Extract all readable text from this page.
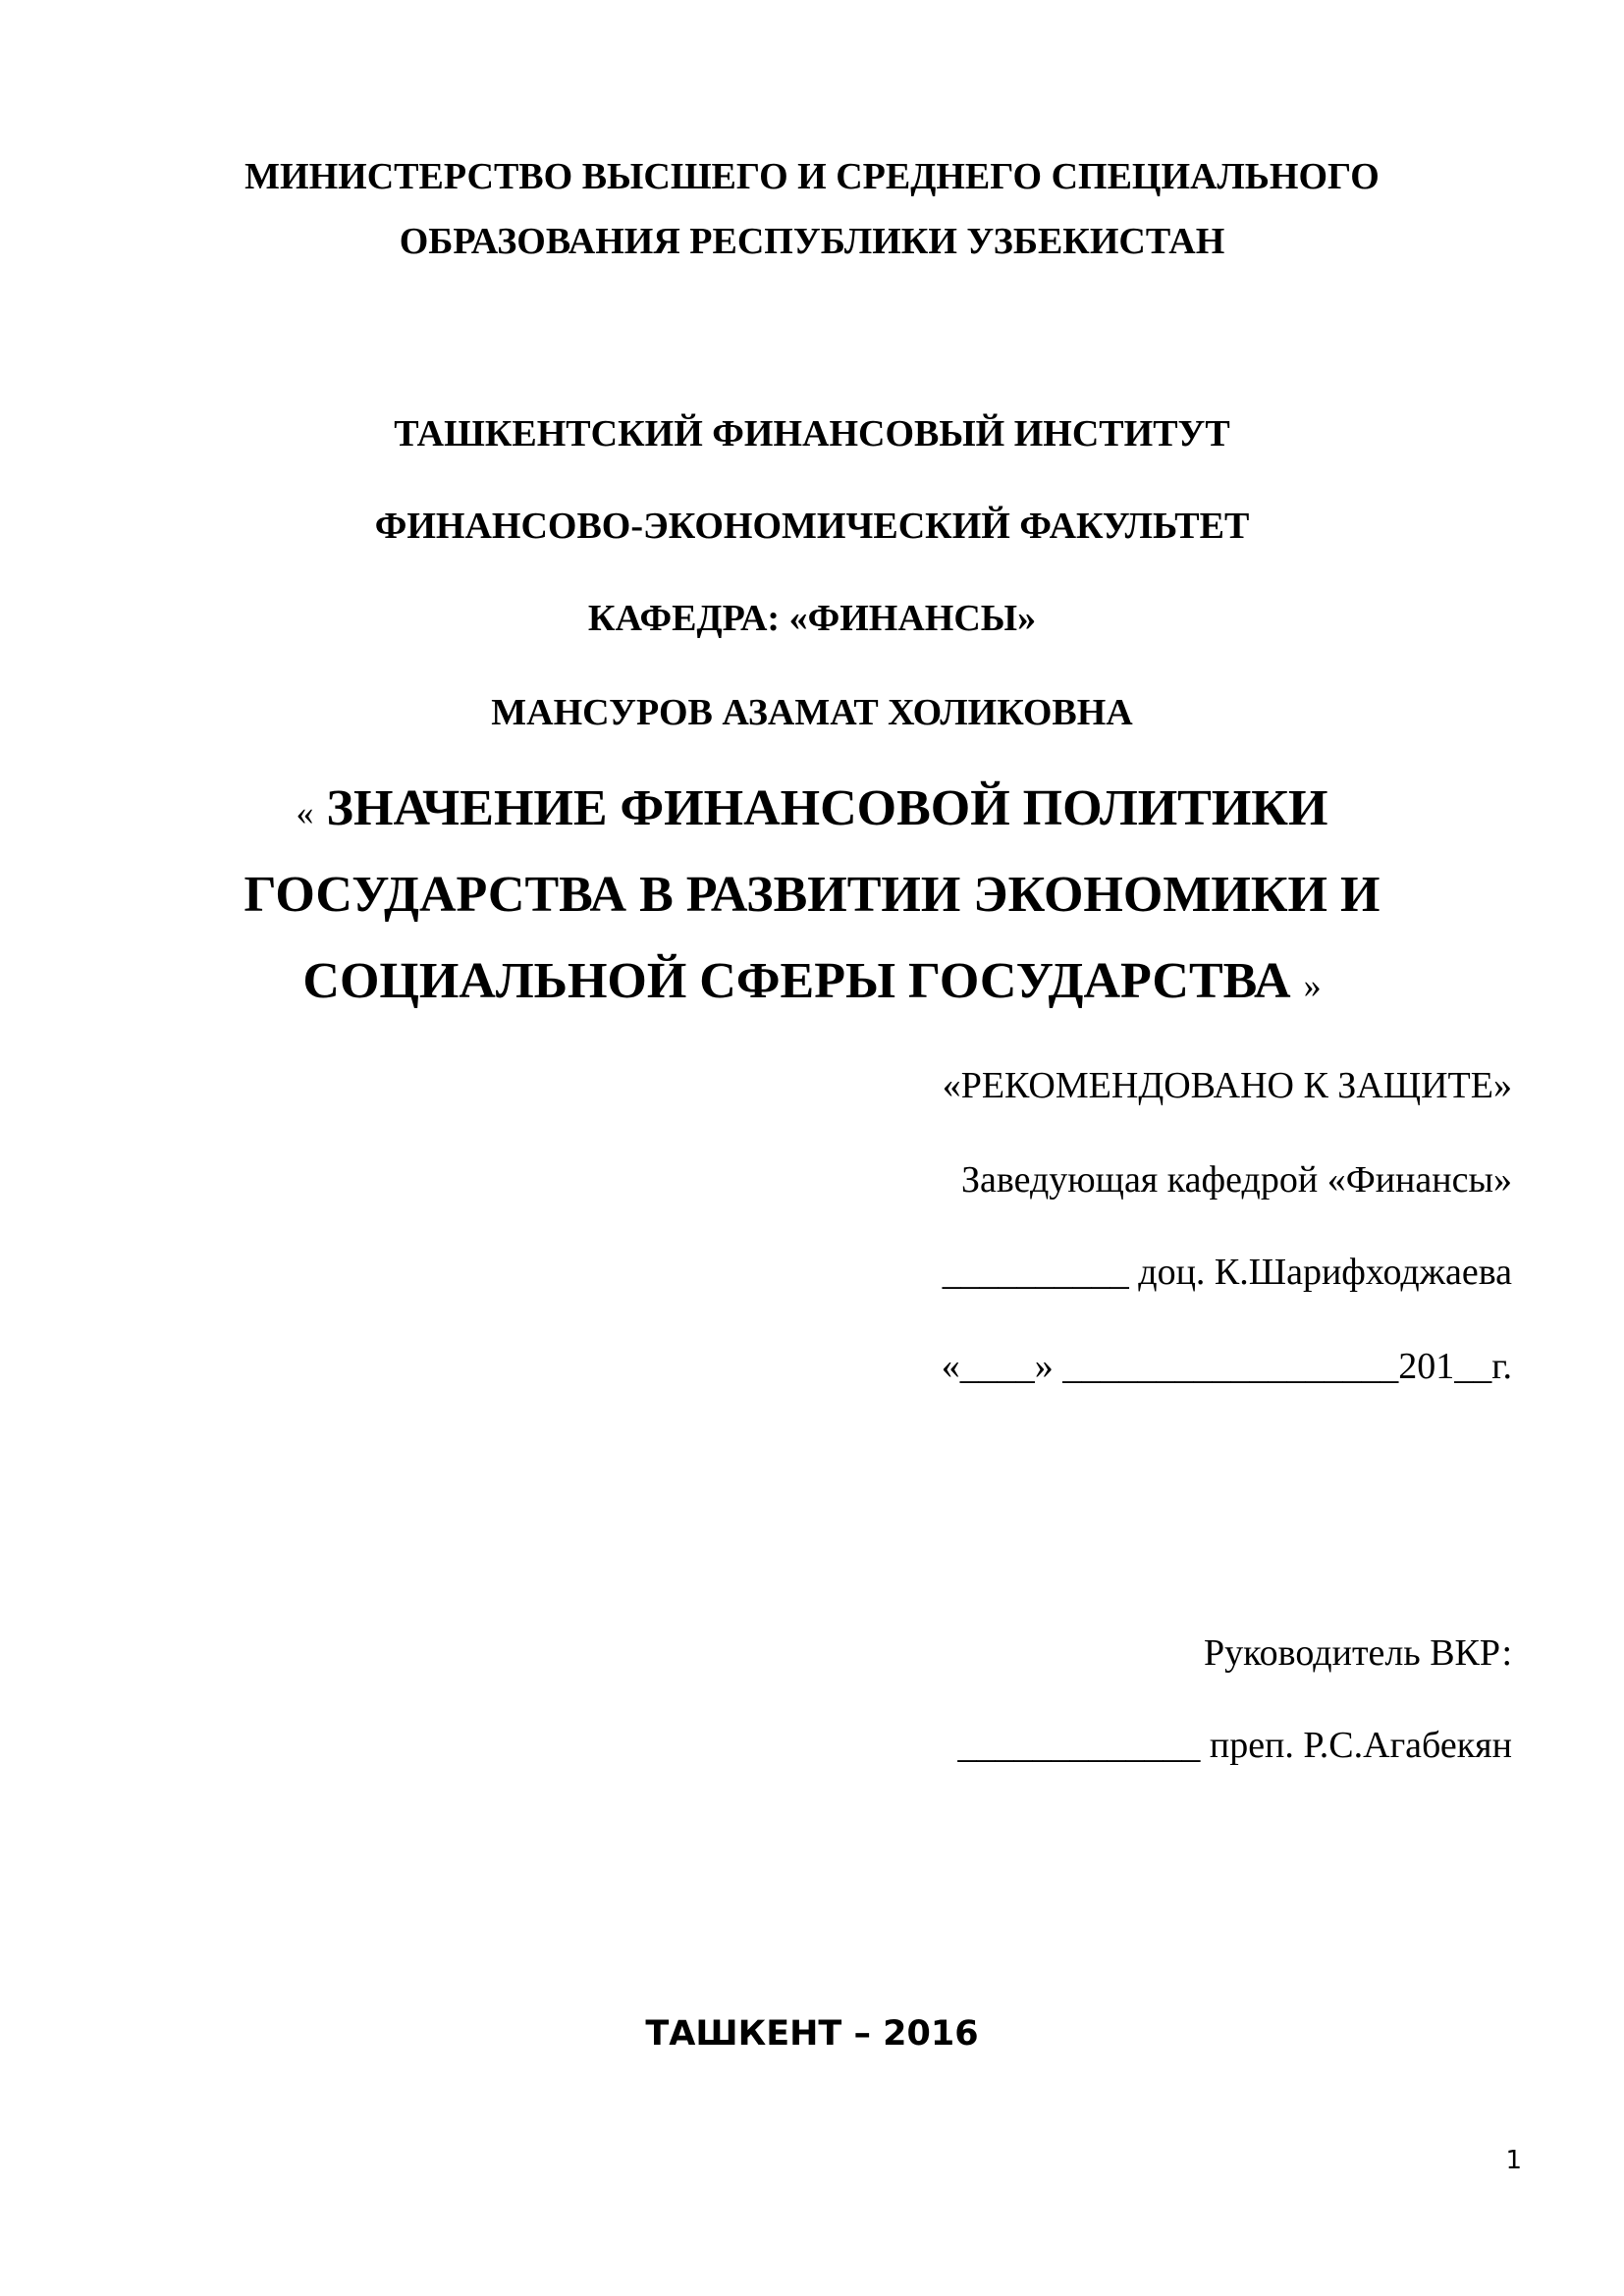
МИНИСТЕРСТВО ВЫСШЕГО И СРЕДНЕГО СПЕЦИАЛЬНОГО

ОБРАЗОВАНИЯ РЕСПУБЛИКИ УЗБЕКИСТАН

ТАШКЕНТСКИЙ ФИНАНСОВЫЙ ИНСТИТУТ

ФИНАНСОВО-ЭКОНОМИЧЕСКИЙ ФАКУЛЬТЕТ

КАФЕДРА: «ФИНАНСЫ»

МАНСУРОВ АЗАМАТ ХОЛИКОВНА

« ЗНАЧЕНИЕ ФИНАНСОВОЙ ПОЛИТИКИ

ГОСУДАРСТВА В РАЗВИТИИ ЭКОНОМИКИ И

СОЦИАЛЬНОЙ СФЕРЫ ГОСУДАРСТВА »

«РЕКОМЕНДОВАНО К ЗАЩИТЕ»

Заведующая кафедрой «Финансы»

__________ доц. К.Шарифходжаева

«____» __________________201__г.

Руководитель ВКР:

_____________ преп. Р.С.Агабекян

ТАШКЕНТ – 2016

1
